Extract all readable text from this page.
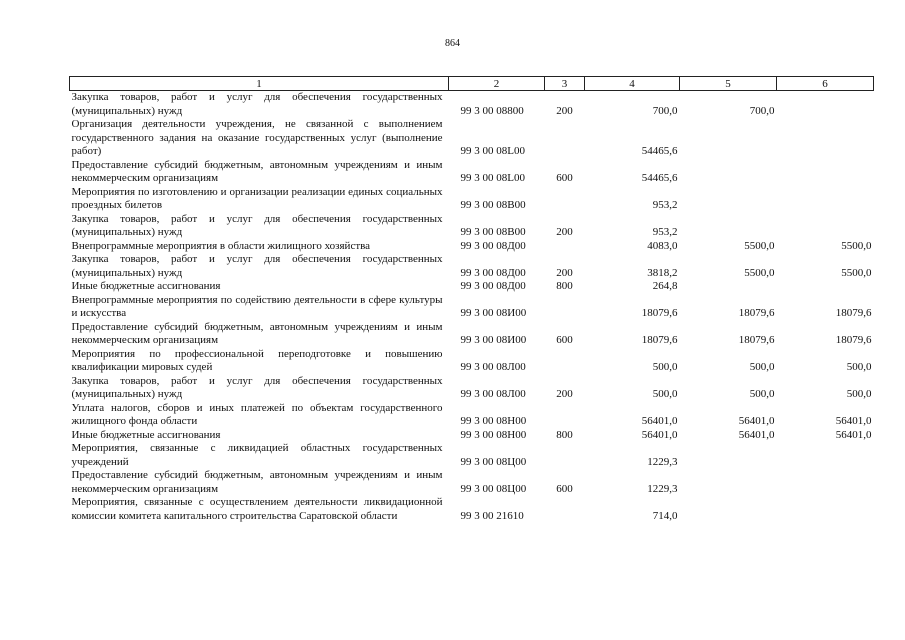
864
1	2	3	4	5	6
Закупка товаров, работ и услуг для обеспечения государственных (муниципальных) нужд	99 3 00 08800	200	700,0	700,0	
Организация деятельности учреждения, не связанной с выполнением государственного задания на оказание государственных услуг (выполнение работ)	99 3 00 08L00		54465,6		
Предоставление субсидий бюджетным, автономным учреждениям и иным некоммерческим организациям	99 3 00 08L00	600	54465,6		
Мероприятия по изготовлению и организации реализации единых социальных проездных билетов	99 3 00 08В00		953,2		
Закупка товаров, работ и услуг для обеспечения государственных (муниципальных) нужд	99 3 00 08В00	200	953,2		
Внепрограммные мероприятия в области жилищного хозяйства	99 3 00 08Д00		4083,0	5500,0	5500,0
Закупка товаров, работ и услуг для обеспечения государственных (муниципальных) нужд	99 3 00 08Д00	200	3818,2	5500,0	5500,0
Иные бюджетные ассигнования	99 3 00 08Д00	800	264,8		
Внепрограммные мероприятия по содействию деятельности в сфере культуры и искусства	99 3 00 08И00		18079,6	18079,6	18079,6
Предоставление субсидий бюджетным, автономным учреждениям и иным некоммерческим организациям	99 3 00 08И00	600	18079,6	18079,6	18079,6
Мероприятия по профессиональной переподготовке и повышению квалификации мировых судей	99 3 00 08Л00		500,0	500,0	500,0
Закупка товаров, работ и услуг для обеспечения государственных (муниципальных) нужд	99 3 00 08Л00	200	500,0	500,0	500,0
Уплата налогов, сборов и иных платежей по объектам государственного жилищного фонда области	99 3 00 08Н00		56401,0	56401,0	56401,0
Иные бюджетные ассигнования	99 3 00 08Н00	800	56401,0	56401,0	56401,0
Мероприятия, связанные с ликвидацией областных государственных учреждений	99 3 00 08Ц00		1229,3		
Предоставление субсидий бюджетным, автономным учреждениям и иным некоммерческим организациям	99 3 00 08Ц00	600	1229,3		
Мероприятия, связанные с осуществлением деятельности ликвидационной комиссии комитета капитального строительства Саратовской области	99 3 00 21610		714,0		
